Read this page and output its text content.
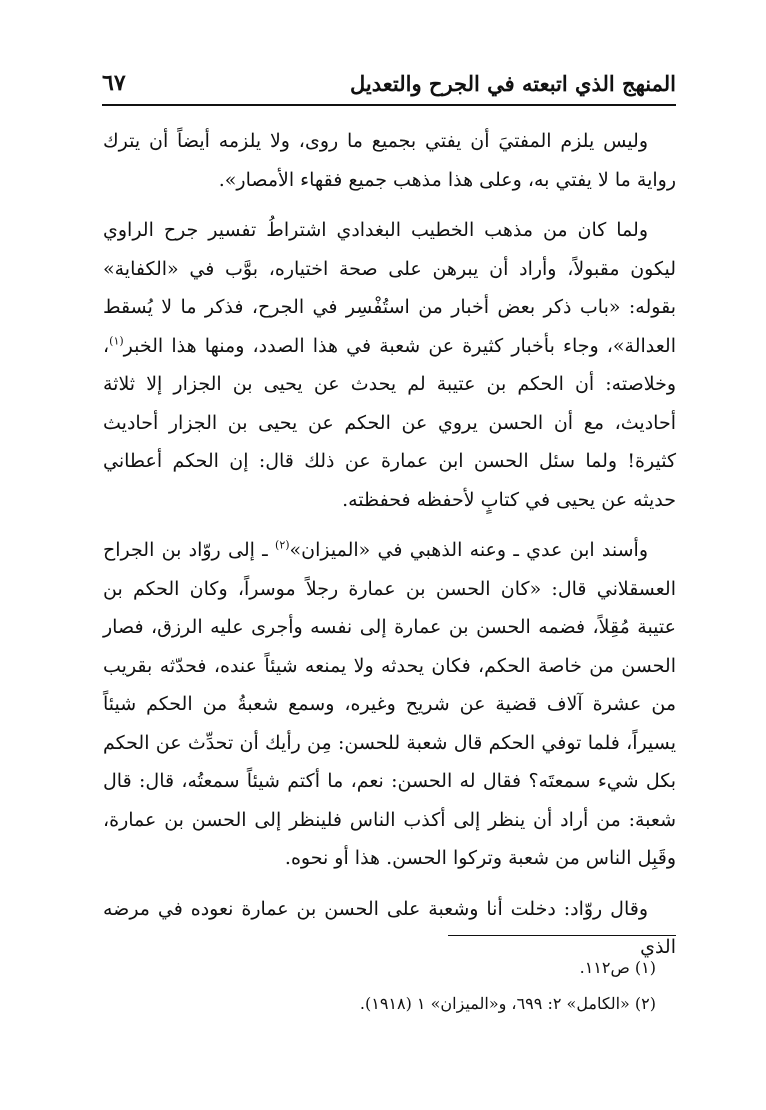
المنهج الذي اتبعته في الجرح والتعديل
٦٧

وليس يلزم المفتيَ أن يفتي بجميع ما روى، ولا يلزمه أيضاً أن يترك رواية ما لا يفتي به، وعلى هذا مذهب جميع فقهاء الأمصار».

ولما كان من مذهب الخطيب البغدادي اشتراطُ تفسير جرح الراوي ليكون مقبولاً، وأراد أن يبرهن على صحة اختياره، بوَّب في «الكفاية» بقوله: «باب ذكر بعض أخبار من استُفْسِر في الجرح، فذكر ما لا يُسقط العدالة»، وجاء بأخبار كثيرة عن شعبة في هذا الصدد، ومنها هذا الخبر$^{(١)}$، وخلاصته: أن الحكم بن عتيبة لم يحدث عن يحيى بن الجزار إلا ثلاثة أحاديث، مع أن الحسن يروي عن الحكم عن يحيى بن الجزار أحاديث كثيرة! ولما سئل الحسن ابن عمارة عن ذلك قال: إن الحكم أعطاني حديثه عن يحيى في كتابٍ لأحفظه فحفظته.

وأسند ابن عدي ـ وعنه الذهبي في «الميزان»$^{(٢)}$ ـ إلى روّاد بن الجراح العسقلاني قال: «كان الحسن بن عمارة رجلاً موسراً، وكان الحكم بن عتيبة مُقِلاً، فضمه الحسن بن عمارة إلى نفسه وأجرى عليه الرزق، فصار الحسن من خاصة الحكم، فكان يحدثه ولا يمنعه شيئاً عنده، فحدّثه بقريب من عشرة آلاف قضية عن شريح وغيره، وسمع شعبةُ من الحكم شيئاً يسيراً، فلما توفي الحكم قال شعبة للحسن: مِن رأيك أن تحدِّث عن الحكم بكل شيء سمعتَه؟ فقال له الحسن: نعم، ما أكتم شيئاً سمعتُه، قال: قال شعبة: من أراد أن ينظر إلى أكذب الناس فلينظر إلى الحسن بن عمارة، وقَبِل الناس من شعبة وتركوا الحسن. هذا أو نحوه.

وقال روّاد: دخلت أنا وشعبة على الحسن بن عمارة نعوده في مرضه الذي

(١) ص١١٢.

(٢) «الكامل» ٢: ٦٩٩، و«الميزان» ١ (١٩١٨).
